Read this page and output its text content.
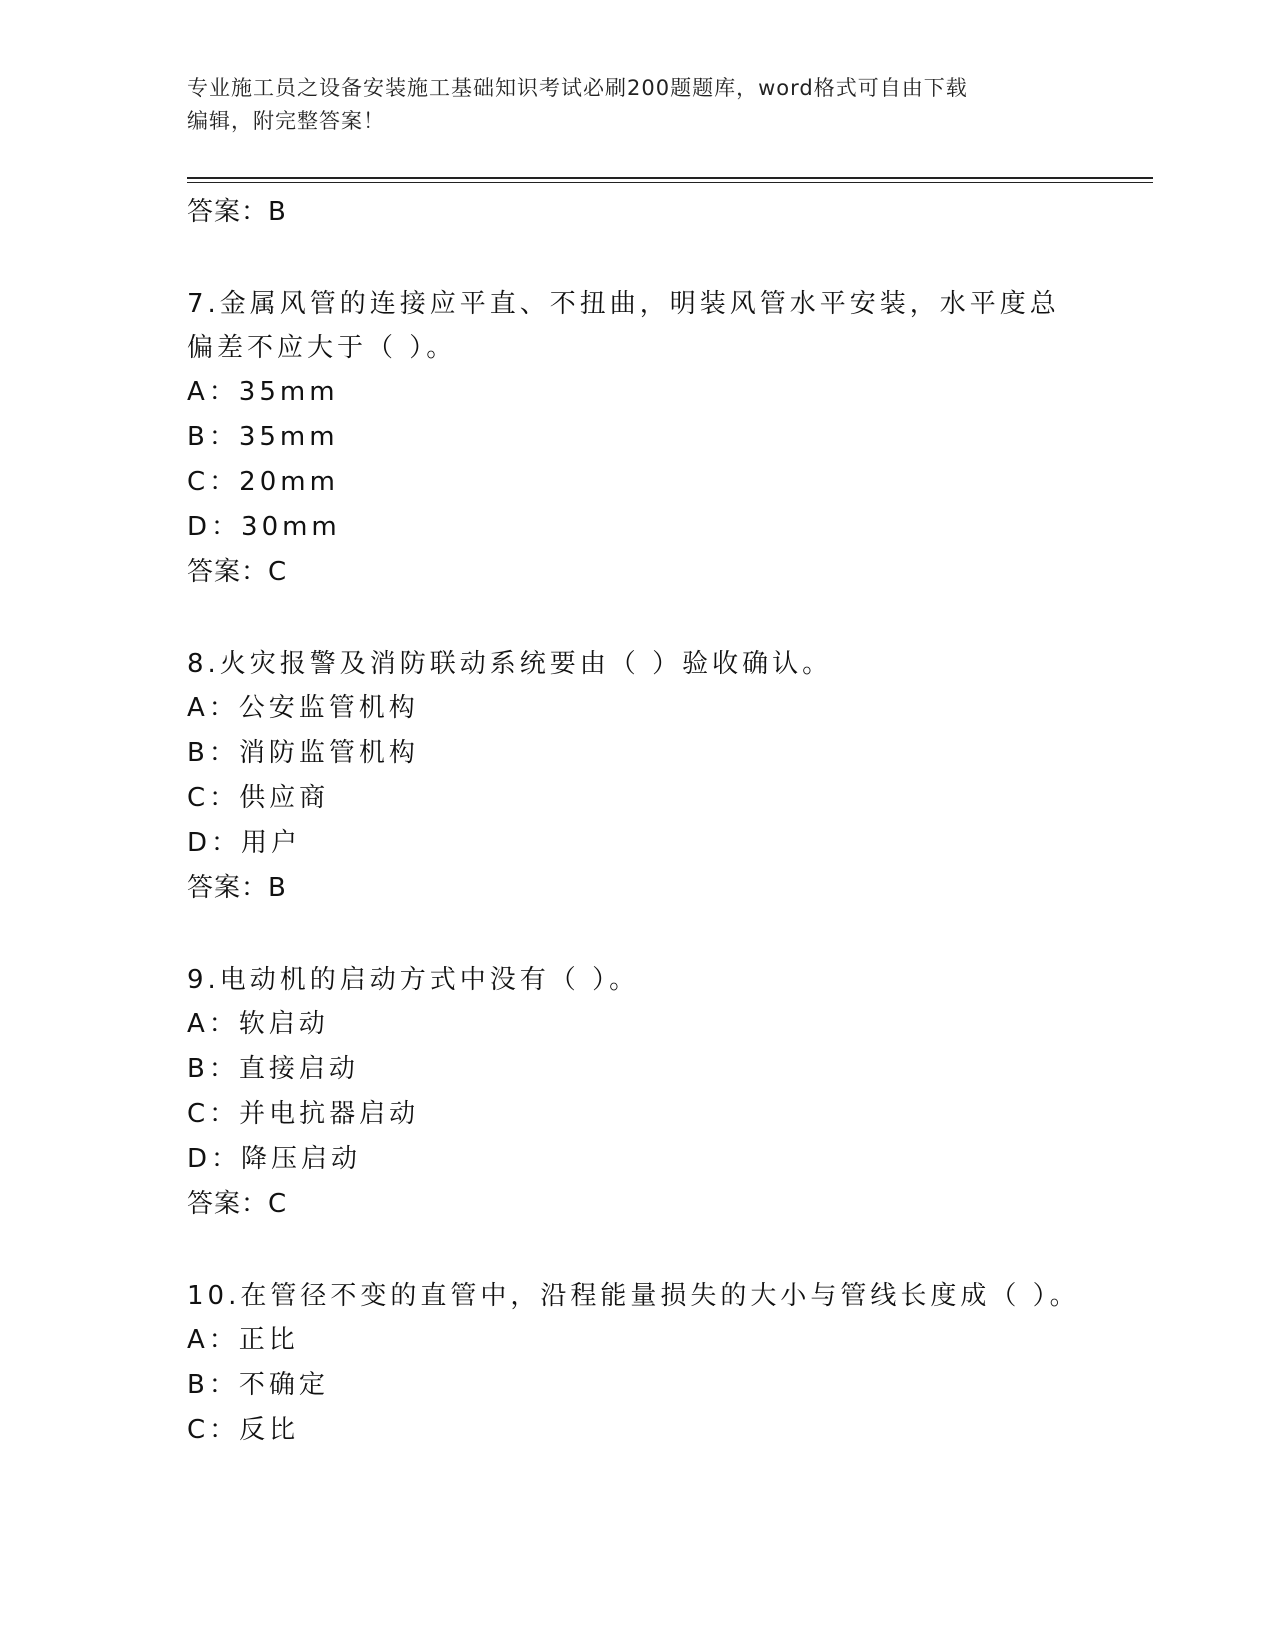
专业施工员之设备安装施工基础知识考试必刷200题题库，word格式可自由下载
编辑，附完整答案！
答案：B
7.金属风管的连接应平直、不扭曲，明装风管水平安装，水平度总偏差不应大于（ ）。
A：35mm
B：35mm
C：20mm
D：30mm
答案：C
8.火灾报警及消防联动系统要由（ ）验收确认。
A：公安监管机构
B：消防监管机构
C：供应商
D：用户
答案：B
9.电动机的启动方式中没有（ ）。
A：软启动
B：直接启动
C：并电抗器启动
D：降压启动
答案：C
10.在管径不变的直管中，沿程能量损失的大小与管线长度成（ ）。
A：正比
B：不确定
C：反比
